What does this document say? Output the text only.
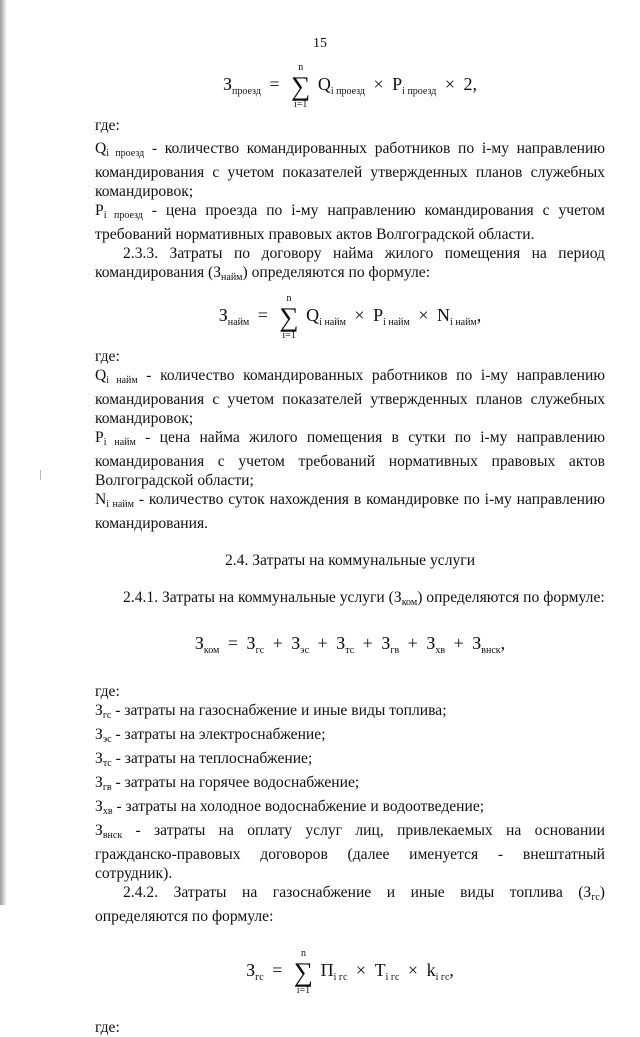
15
$З_{проезд}$ =
n
∑
i=1
$Q_{i проезд} \times P_{i проезд} \times 2$,

где:

Qi проезд - количество командированных работников по i-му направлению командирования с учетом показателей утвержденных планов служебных командировок;

Pi проезд - цена проезда по i-му направлению командирования с учетом требований нормативных правовых актов Волгоградской области.

2.3.3. Затраты по договору найма жилого помещения на период командирования (Знайм) определяются по формуле:

$З_{найм}$ =
n
∑
i=1
$Q_{i найм} \times P_{i найм} \times N_{i найм}$,

где:

Qi найм - количество командированных работников по i-му направлению командирования с учетом показателей утвержденных планов служебных командировок;

Pi найм - цена найма жилого помещения в сутки по i-му направлению командирования с учетом требований нормативных правовых актов Волгоградской области;

Ni найм - количество суток нахождения в командировке по i-му направлению командирования.

2.4. Затраты на коммунальные услуги

2.4.1. Затраты на коммунальные услуги (Зком) определяются по формуле:

$З_{ком} = З_{гс} + З_{эс} + З_{тс} + З_{гв} + З_{хв} + З_{внск}$,

где:

Згс - затраты на газоснабжение и иные виды топлива;

Зэс - затраты на электроснабжение;

Зтс - затраты на теплоснабжение;

Згв - затраты на горячее водоснабжение;

Зхв - затраты на холодное водоснабжение и водоотведение;

Звнск - затраты на оплату услуг лиц, привлекаемых на основании гражданско-правовых договоров (далее именуется - внештатный сотрудник).

2.4.2. Затраты на газоснабжение и иные виды топлива (Згс) определяются по формуле:

$З_{гс}$ =
n
∑
i=1
$П_{i гс} \times T_{i гс} \times k_{i гс}$,

где:
